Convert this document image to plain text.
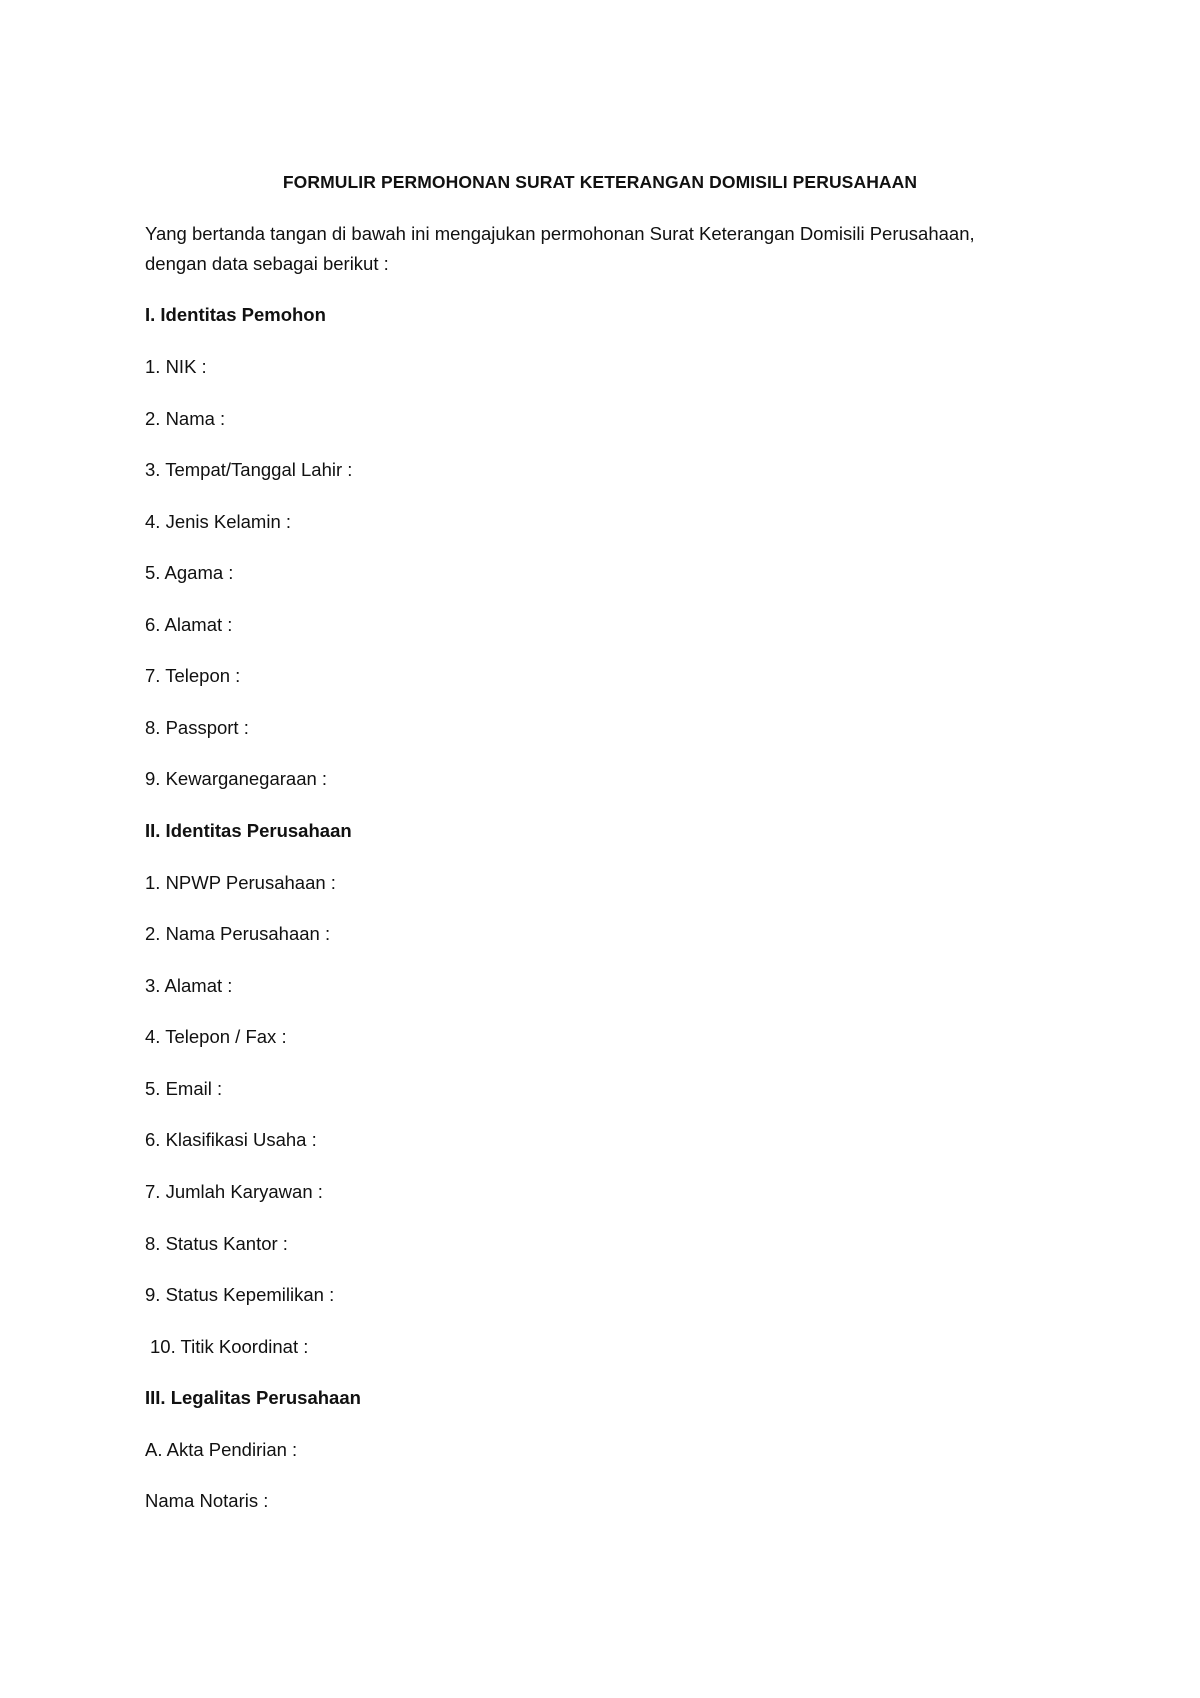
FORMULIR PERMOHONAN SURAT KETERANGAN DOMISILI PERUSAHAAN
Yang bertanda tangan di bawah ini mengajukan permohonan Surat Keterangan Domisili Perusahaan,
dengan data sebagai berikut :
I. Identitas Pemohon
1. NIK :
2. Nama :
3. Tempat/Tanggal Lahir :
4. Jenis Kelamin :
5. Agama :
6. Alamat :
7. Telepon :
8. Passport :
9. Kewarganegaraan :
II. Identitas Perusahaan
1. NPWP Perusahaan :
2. Nama Perusahaan :
3. Alamat :
4. Telepon / Fax :
5. Email :
6. Klasifikasi Usaha :
7. Jumlah Karyawan :
8. Status Kantor :
9. Status Kepemilikan :
10. Titik Koordinat :
III. Legalitas Perusahaan
A. Akta Pendirian :
Nama Notaris :
